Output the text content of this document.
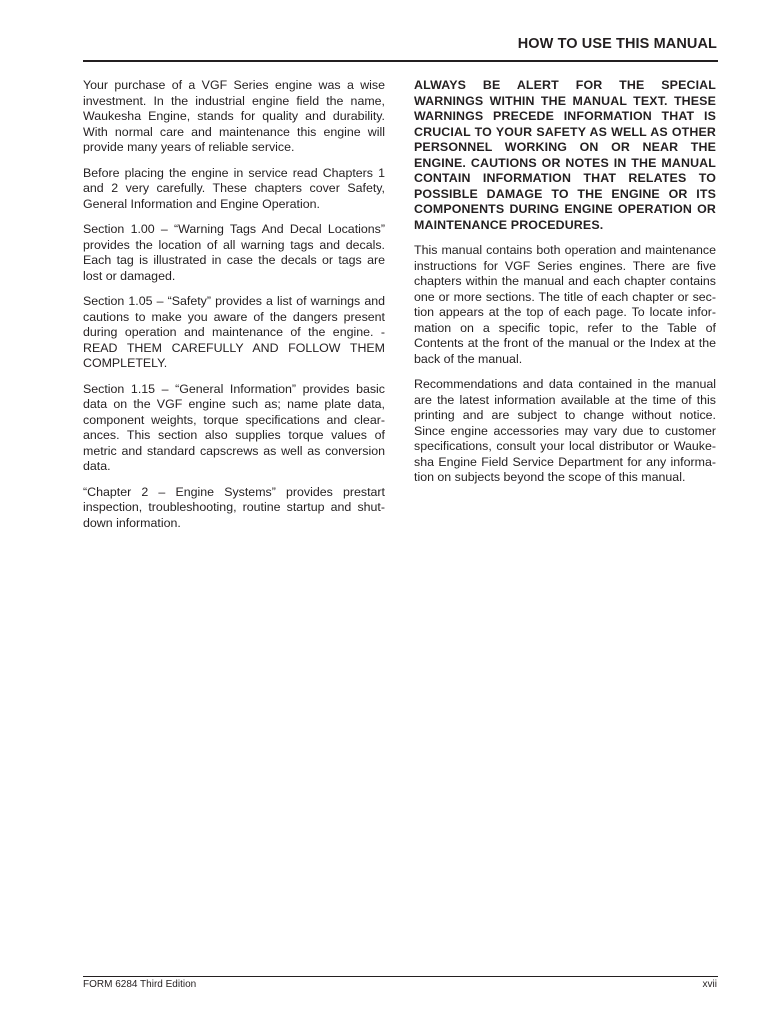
HOW TO USE THIS MANUAL

Your purchase of a VGF Series engine was a wise investment. In the industrial engine field the name, Waukesha Engine, stands for quality and durability. With normal care and maintenance this engine will provide many years of reliable service.

Before placing the engine in service read Chapters 1 and 2 very carefully. These chapters cover Safety, General Information and Engine Operation.

Section 1.00 – “Warning Tags And Decal Locations” provides the location of all warning tags and decals. Each tag is illustrated in case the decals or tags are lost or damaged.

Section 1.05 – “Safety” provides a list of warnings and cautions to make you aware of the dangers present during operation and maintenance of the engine. - READ THEM CAREFULLY AND FOLLOW THEM COMPLETELY.

Section 1.15 – “General Information” provides basic data on the VGF engine such as; name plate data, component weights, torque specifications and clearances. This section also supplies torque values of metric and standard capscrews as well as conversion data.

“Chapter 2 – Engine Systems” provides prestart inspection, troubleshooting, routine startup and shutdown information.

ALWAYS BE ALERT FOR THE SPECIAL WARNINGS WITHIN THE MANUAL TEXT. THESE WARNINGS PRECEDE INFORMATION THAT IS CRUCIAL TO YOUR SAFETY AS WELL AS OTHER PERSONNEL WORKING ON OR NEAR THE ENGINE. CAUTIONS OR NOTES IN THE MANUAL CONTAIN INFORMATION THAT RELATES TO POSSIBLE DAMAGE TO THE ENGINE OR ITS COMPONENTS DURING ENGINE OPERATION OR MAINTENANCE PROCEDURES.

This manual contains both operation and maintenance instructions for VGF Series engines. There are five chapters within the manual and each chapter contains one or more sections. The title of each chapter or section appears at the top of each page. To locate information on a specific topic, refer to the Table of Contents at the front of the manual or the Index at the back of the manual.

Recommendations and data contained in the manual are the latest information available at the time of this printing and are subject to change without notice. Since engine accessories may vary due to customer specifications, consult your local distributor or Waukesha Engine Field Service Department for any information on subjects beyond the scope of this manual.

FORM 6284 Third Edition	xvii
